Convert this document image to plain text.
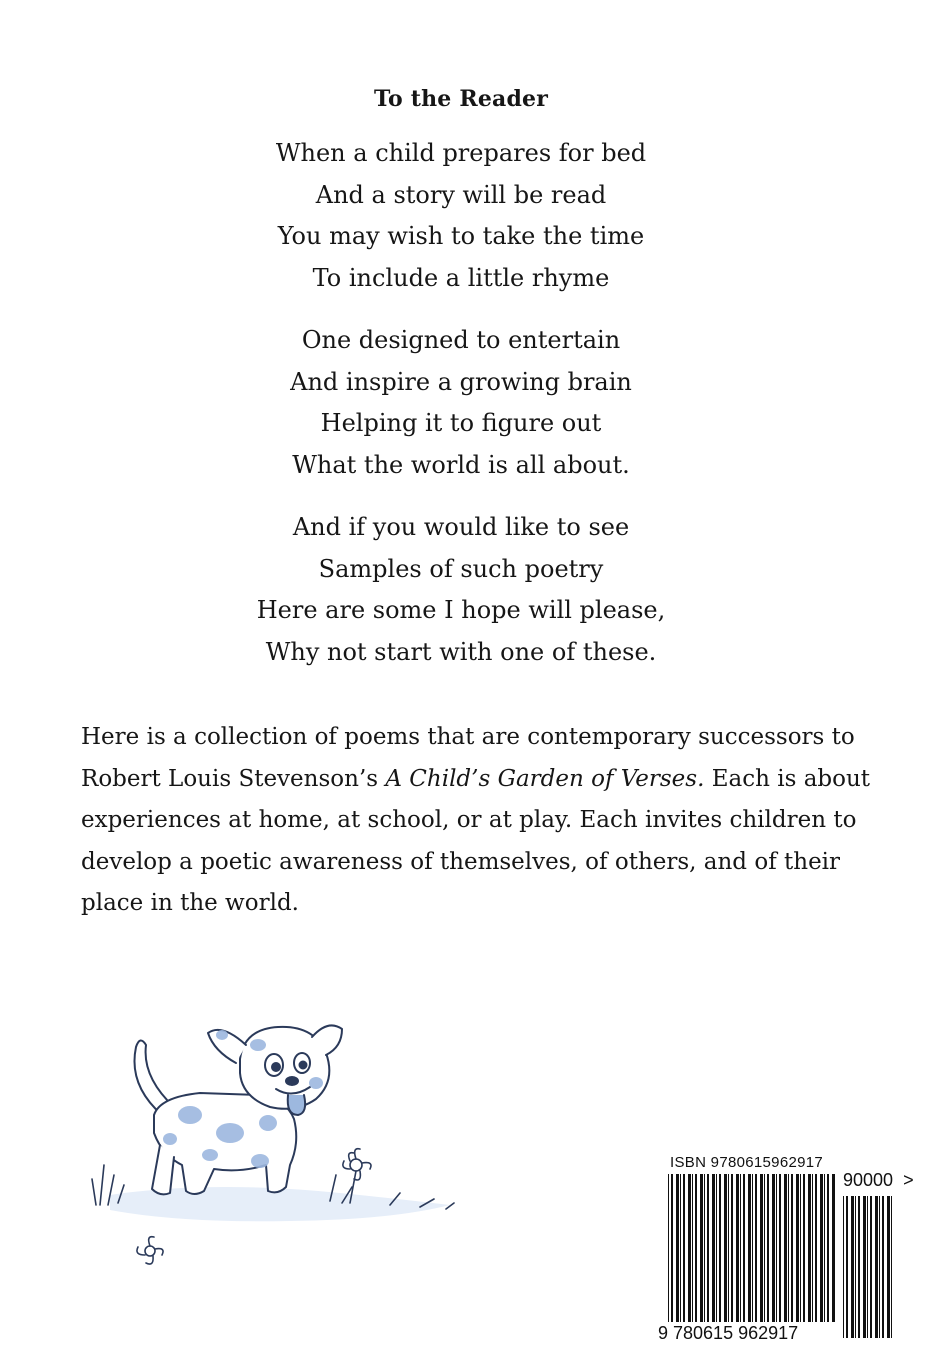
To the Reader
When a child prepares for bed
And a story will be read
You may wish to take the time
To include a little rhyme
One designed to entertain
And inspire a growing brain
Helping it to figure out
What the world is all about.
And if you would like to see
Samples of such poetry
Here are some I hope will please,
Why not start with one of these.
Here is a collection of poems that are contemporary successors to
Robert Louis Stevenson’s A Child’s Garden of Verses. Each is about
experiences at home, at school, or at play. Each invites children to
develop a poetic awareness of themselves, of others, and of their
place in the world.
ISBN 9780615962917
9 780615 962917
90000 >
